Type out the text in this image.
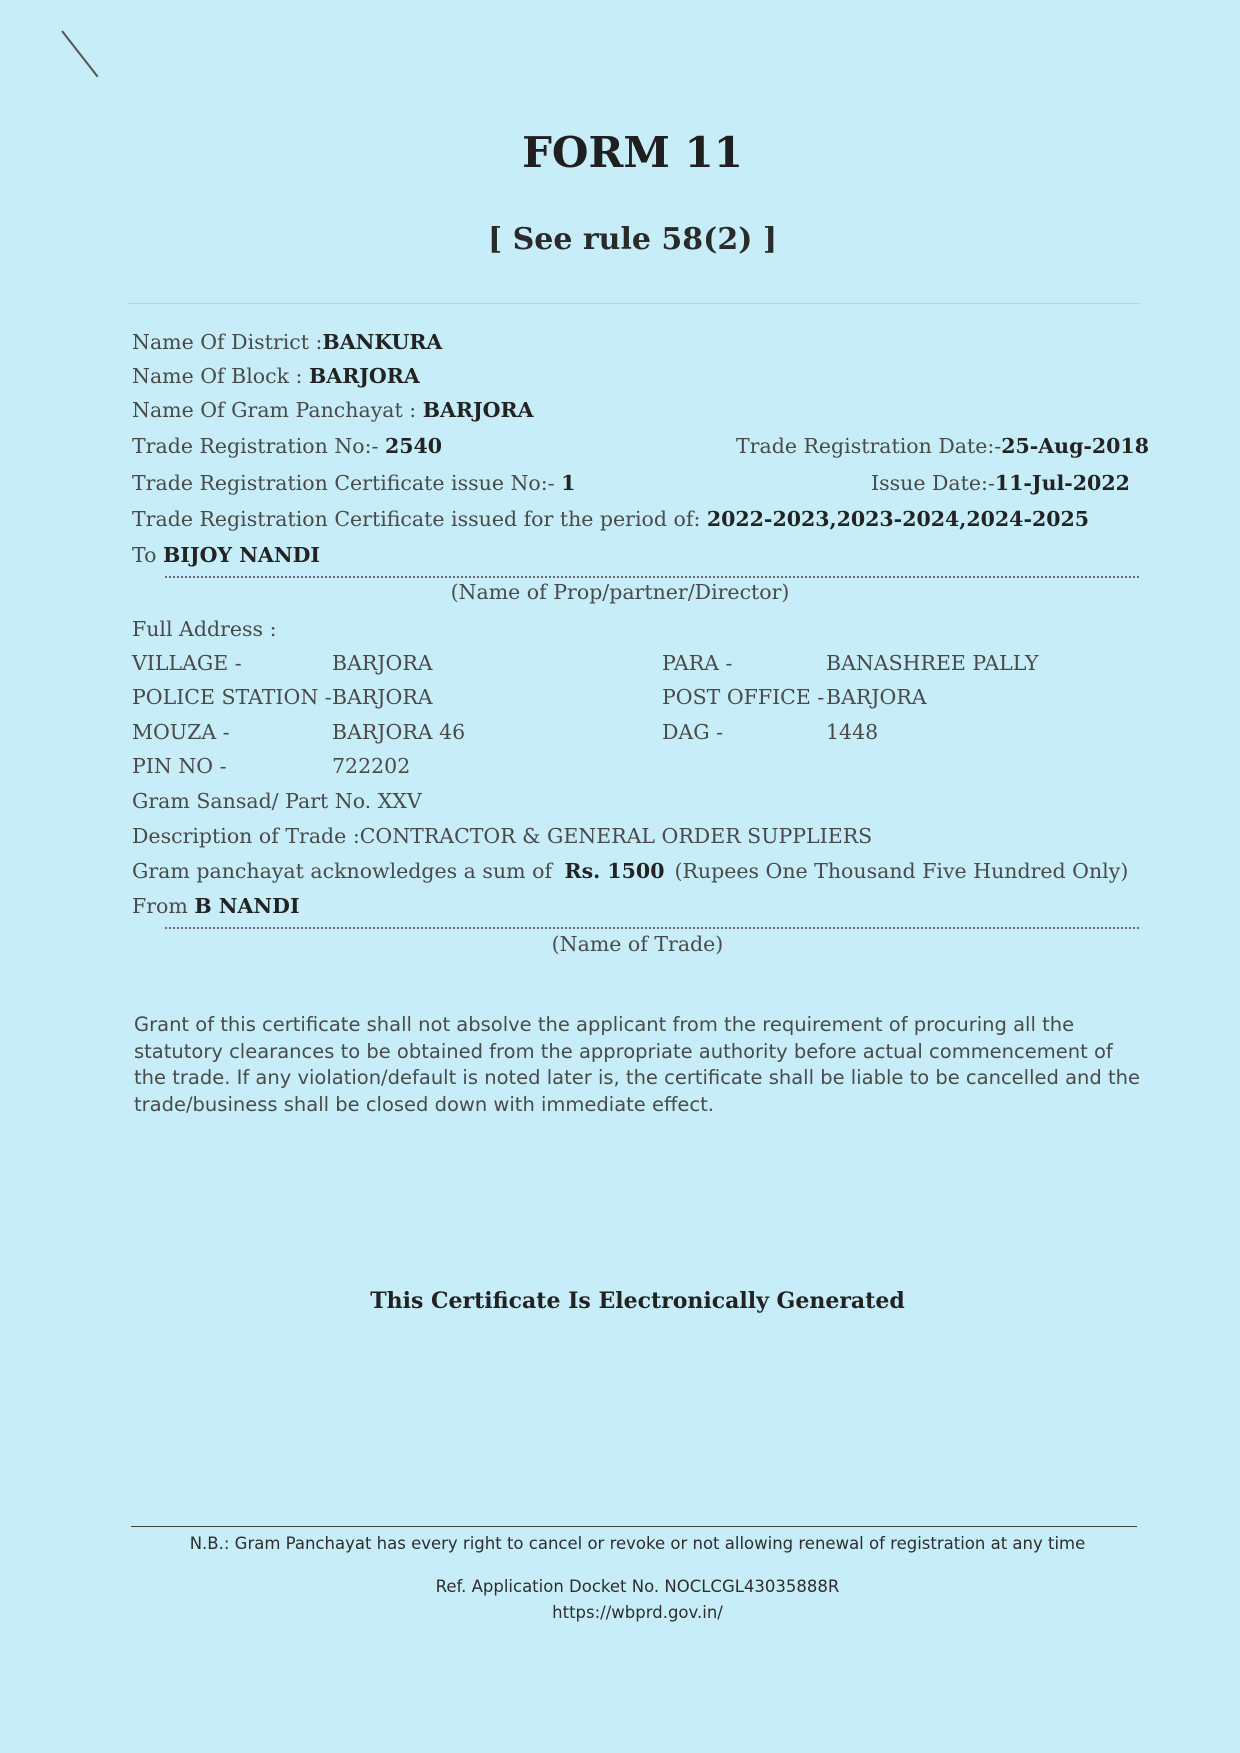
FORM 11
[ See rule 58(2) ]
Name Of District :BANKURA
Name Of Block : BARJORA
Name Of Gram Panchayat : BARJORA
Trade Registration No:- 2540	Trade Registration Date:-25-Aug-2018
Trade Registration Certificate issue No:- 1	Issue Date:-11-Jul-2022
Trade Registration Certificate issued for the period of: 2022-2023,2023-2024,2024-2025
To BIJOY NANDI
(Name of Prop/partner/Director)
Full Address :
VILLAGE -	BARJORA	PARA -	BANASHREE PALLY
POLICE STATION - BARJORA	POST OFFICE - BARJORA
MOUZA -	BARJORA 46	DAG -	1448
PIN NO -	722202
Gram Sansad/ Part No. XXV
Description of Trade :CONTRACTOR & GENERAL ORDER SUPPLIERS
Gram panchayat acknowledges a sum of Rs. 1500 (Rupees One Thousand Five Hundred Only)
From B NANDI
(Name of Trade)
Grant of this certificate shall not absolve the applicant from the requirement of procuring all the statutory clearances to be obtained from the appropriate authority before actual commencement of the trade. If any violation/default is noted later is, the certificate shall be liable to be cancelled and the trade/business shall be closed down with immediate effect.
This Certificate Is Electronically Generated
N.B.: Gram Panchayat has every right to cancel or revoke or not allowing renewal of registration at any time
Ref. Application Docket No. NOCLCGL43035888R
https://wbprd.gov.in/
